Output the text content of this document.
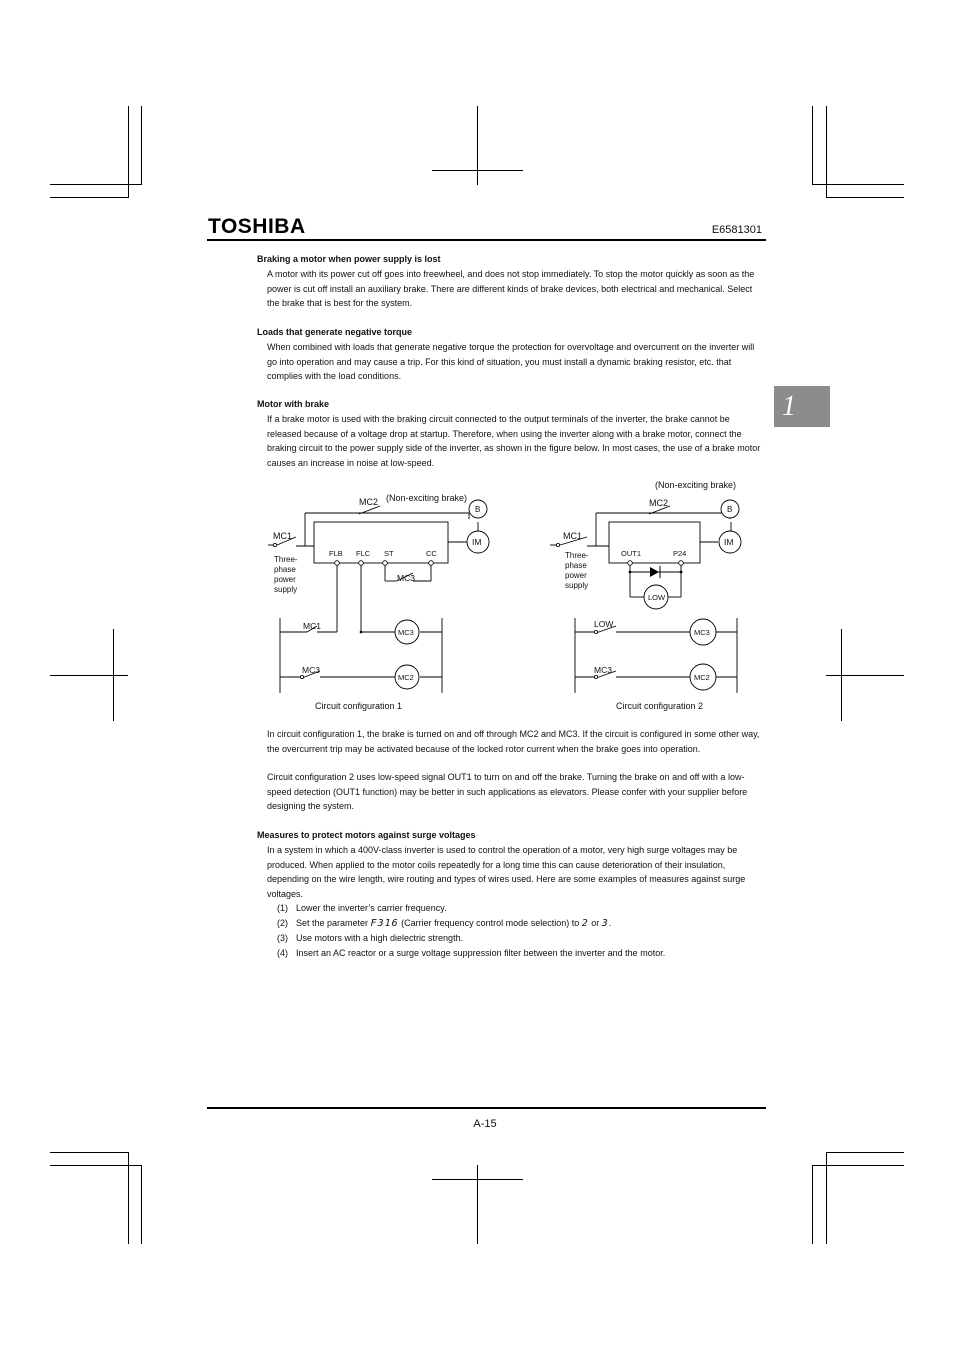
TOSHIBA	E6581301
1
Braking a motor when power supply is lost

A motor with its power cut off goes into freewheel, and does not stop immediately. To stop the motor quickly as soon as the power is cut off install an auxiliary brake. There are different kinds of brake devices, both electrical and mechanical. Select the brake that is best for the system.

Loads that generate negative torque

When combined with loads that generate negative torque the protection for overvoltage and overcurrent on the inverter will go into operation and may cause a trip. For this kind of situation, you must install a dynamic braking resistor, etc. that complies with the load conditions.

Motor with brake

If a brake motor is used with the braking circuit connected to the output terminals of the inverter, the brake cannot be released because of a voltage drop at startup. Therefore, when using the inverter along with a brake motor, connect the braking circuit to the power supply side of the inverter, as shown in the figure below. In most cases, the use of a brake motor causes an increase in noise at low-speed.

MC2 (Non-exciting brake)
MC1
Three-
phase
power
supply
FLB FLC ST	CC
MC3
B
IM
MC1
MC3
MC3
MC2
Circuit configuration 1
MC2
(Non-exciting brake)
MC1
Three-
phase
power
supply
OUT1	P24
LOW
B
IM
LOW
MC3
MC3
MC2
Circuit configuration 2

In circuit configuration 1, the brake is turned on and off through MC2 and MC3. If the circuit is configured in some other way, the overcurrent trip may be activated because of the locked rotor current when the brake goes into operation.

Circuit configuration 2 uses low-speed signal OUT1 to turn on and off the brake. Turning the brake on and off with a low-speed detection (OUT1 function) may be better in such applications as elevators. Please confer with your supplier before designing the system.

Measures to protect motors against surge voltages

In a system in which a 400V-class inverter is used to control the operation of a motor, very high surge voltages may be produced. When applied to the motor coils repeatedly for a long time this can cause deterioration of their insulation, depending on the wire length, wire routing and types of wires used. Here are some examples of measures against surge voltages.

(1) Lower the inverter’s carrier frequency.
(2) Set the parameter F316 (Carrier frequency control mode selection) to 2 or 3.
(3) Use motors with a high dielectric strength.
(4) Insert an AC reactor or a surge voltage suppression filter between the inverter and the motor.
A-15
